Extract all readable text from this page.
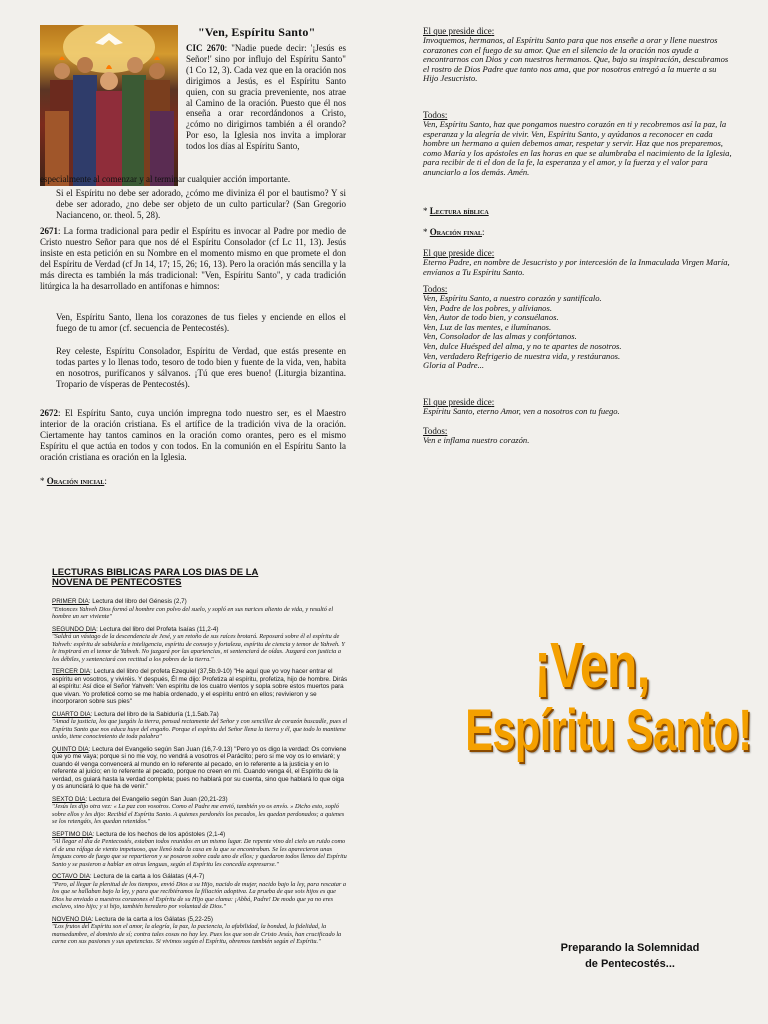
"Ven, Espíritu Santo"

CIC 2670: "Nadie puede decir: '¡Jesús es Señor!' sino por influjo del Espíritu Santo" (1 Co 12, 3). Cada vez que en la oración nos dirigimos a Jesús, es el Espíritu Santo quien, con su gracia preveniente, nos atrae al Camino de la oración. Puesto que él nos enseña a orar recordándonos a Cristo, ¿cómo no dirigirnos también a él orando? Por eso, la Iglesia nos invita a implorar todos los días al Espíritu Santo,

especialmente al comenzar y al terminar cualquier acción importante.

Si el Espíritu no debe ser adorado, ¿cómo me diviniza él por el bautismo? Y si debe ser adorado, ¿no debe ser objeto de un culto particular? (San Gregorio Nacianceno, or. theol. 5, 28).

2671: La forma tradicional para pedir el Espíritu es invocar al Padre por medio de Cristo nuestro Señor para que nos dé el Espíritu Consolador (cf Lc 11, 13). Jesús insiste en esta petición en su Nombre en el momento mismo en que promete el don del Espíritu de Verdad (cf Jn 14, 17; 15, 26; 16, 13). Pero la oración más sencilla y la más directa es también la más tradicional: "Ven, Espíritu Santo", y cada tradición litúrgica la ha desarrollado en antífonas e himnos:

Ven, Espíritu Santo, llena los corazones de tus fieles y enciende en ellos el fuego de tu amor (cf. secuencia de Pentecostés).

Rey celeste, Espíritu Consolador, Espíritu de Verdad, que estás presente en todas partes y lo llenas todo, tesoro de todo bien y fuente de la vida, ven, habita en nosotros, purifícanos y sálvanos. ¡Tú que eres bueno! (Liturgia bizantina. Tropario de vísperas de Pentecostés).

2672: El Espíritu Santo, cuya unción impregna todo nuestro ser, es el Maestro interior de la oración cristiana. Es el artífice de la tradición viva de la oración. Ciertamente hay tantos caminos en la oración como orantes, pero es el mismo Espíritu el que actúa en todos y con todos. En la comunión en el Espíritu Santo la oración cristiana es oración en la Iglesia.

* Oración inicial:

El que preside dice:

Invoquemos, hermanos, al Espíritu Santo para que nos enseñe a orar y llene nuestros corazones con el fuego de su amor. Que en el silencio de la oración nos ayude a encontrarnos con Dios y con nuestros hermanos. Que, bajo su inspiración, descubramos el rostro de Dios Padre que tanto nos ama, que por nosotros entregó a la muerte a su Hijo Jesucristo.

Todos:

Ven, Espíritu Santo, haz que pongamos nuestro corazón en ti y recobremos así la paz, la esperanza y la alegría de vivir. Ven, Espíritu Santo, y ayúdanos a reconocer en cada hombre un hermano a quien debemos amar, respetar y servir. Haz que nos preparemos, como María y los apóstoles en las horas en que se alumbraba el nacimiento de la Iglesia, para recibir de ti el don de la fe, la esperanza y el amor, y la fuerza y el valor para anunciarlo a los demás. Amén.

* Lectura bíblica
* Oración final:

El que preside dice:

Eterno Padre, en nombre de Jesucristo y por intercesión de la Inmaculada Virgen María, envíanos a Tu Espíritu Santo.

Todos:

Ven, Espíritu Santo, a nuestro corazón y santifícalo.

Ven, Padre de los pobres, y alívianos.

Ven, Autor de todo bien, y consuélanos.

Ven, Luz de las mentes, e ilumínanos.

Ven, Consolador de las almas y confórtanos.

Ven, dulce Huésped del alma, y no te apartes de nosotros.

Ven, verdadero Refrigerio de nuestra vida, y restáuranos.

Gloria al Padre...

El que preside dice:

Espíritu Santo, eterno Amor, ven a nosotros con tu fuego.

Todos:

Ven e inflama nuestro corazón.

LECTURAS BIBLICAS PARA LOS DIAS DE LA
NOVENA DE PENTECOSTES
PRIMER DIA: Lectura del libro del Génesis (2,7)
"Entonces Yahveh Dios formó al hombre con polvo del suelo, y sopló en sus narices aliento de vida, y resultó el hombre un ser viviente"
SEGUNDO DIA: Lectura del libro del Profeta Isaías (11,2-4)
"Saldrá un vástago de la descendencia de Jesé, y un retoño de sus raíces brotará. Reposará sobre él el espíritu de Yahveh: espíritu de sabiduría e inteligencia, espíritu de consejo y fortaleza, espíritu de ciencia y temor de Yahveh. Y le inspirará en el temor de Yahveh. No juzgará por las apariencias, ni sentenciará de oídas. Juzgará con justicia a los débiles, y sentenciará con rectitud a los pobres de la tierra."
TERCER DIA: Lectura del libro del profeta Ezequiel (37,5b.9-10) "He aquí que yo voy hacer entrar el espíritu en vosotros, y viviréis. Y después, Él me dijo: Profetiza al espíritu, profetiza, hijo de hombre. Dirás al espíritu: Así dice el Señor Yahveh: Ven espíritu de los cuatro vientos y sopla sobre estos muertos para que vivan. Yo profeticé como se me había ordenado, y el espíritu entró en ellos; revivieron y se incorporaron sobre sus pies"
CUARTO DIA: Lectura del libro de la Sabiduría (1,1.5ab.7a)
"Amad la justicia, los que juzgáis la tierra, pensad rectamente del Señor y con sencillez de corazón buscadle, pues el Espíritu Santo que nos educa huye del engaño. Porque el espíritu del Señor llena la tierra y él, que todo lo mantiene unido, tiene conocimiento de toda palabra"
QUINTO DIA: Lectura del Evangelio según San Juan (16,7-9.13) "Pero yo os digo la verdad: Os conviene que yo me vaya; porque si no me voy, no vendrá a vosotros el Paráclito; pero si me voy os lo enviaré; y cuando él venga convencerá al mundo en lo referente al pecado, en lo referente a la justicia y en lo referente al juicio; en lo referente al pecado, porque no creen en mí. Cuando venga él, el Espíritu de la verdad, os guiará hasta la verdad completa; pues no hablará por su cuenta, sino que hablará lo que oiga y os anunciará lo que ha de venir."
SEXTO DIA: Lectura del Evangelio según San Juan (20,21-23)
"Jesús les dijo otra vez: « La paz con vosotros. Como el Padre me envió, también yo os envío. » Dicho esto, sopló sobre ellos y les dijo: Recibid el Espíritu Santo. A quienes perdonéis los pecados, les quedan perdonados; a quienes se los retengáis, les quedan retenidos."
SEPTIMO DIA: Lectura de los hechos de los apóstoles (2,1-4)
"Al llegar el día de Pentecostés, estaban todos reunidos en un mismo lugar. De repente vino del cielo un ruido como el de una ráfaga de viento impetuoso, que llenó toda la casa en la que se encontraban. Se les aparecieron unas lenguas como de fuego que se repartieron y se posaron sobre cada uno de ellos; y quedaron todos llenos del Espíritu Santo y se pusieron a hablar en otras lenguas, según el Espíritu les concedía expresarse."
OCTAVO DIA: Lectura de la carta a los Gálatas (4,4-7)
"Pero, al llegar la plenitud de los tiempos, envió Dios a su Hijo, nacido de mujer, nacido bajo la ley, para rescatar a los que se hallaban bajo la ley, y para que recibiéramos la filiación adoptiva. La prueba de que sois hijos es que Dios ha enviado a nuestros corazones el Espíritu de su Hijo que clama: ¡Abbá, Padre! De modo que ya no eres esclavo, sino hijo; y si hijo, también heredero por voluntad de Dios."
NOVENO DIA: Lectura de la carta a los Gálatas (5,22-25)
"Los frutos del Espíritu son el amor, la alegría, la paz, la paciencia, la afabilidad, la bondad, la fidelidad, la mansedumbre, el dominio de sí; contra tales cosas no hay ley. Pues los que son de Cristo Jesús, han crucificado la carne con sus pasiones y sus apetencias. Si vivimos según el Espíritu, obremos también según el Espíritu."
¡Ven,
Espíritu Santo!
Preparando la Solemnidad
de Pentecostés...
